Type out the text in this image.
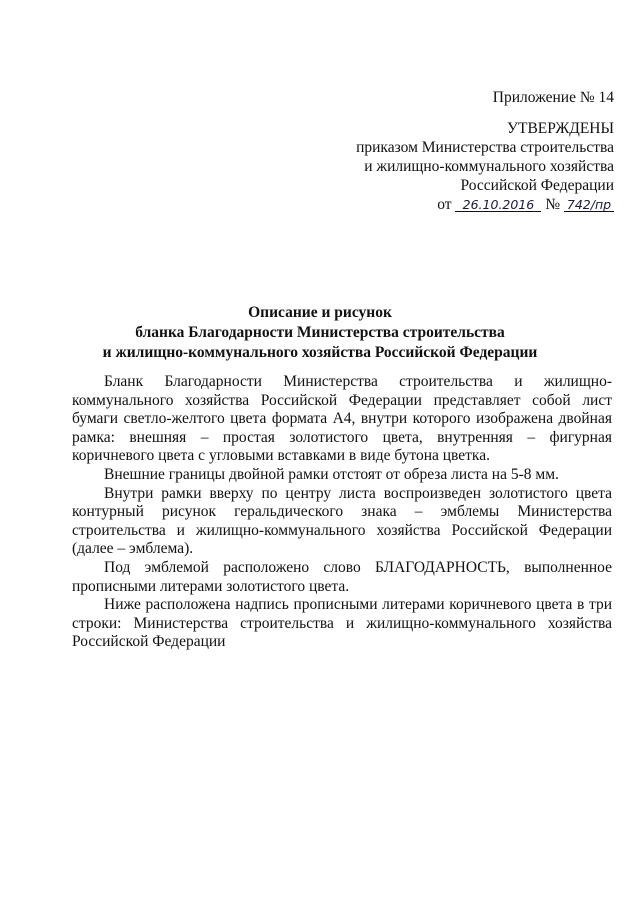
Приложение № 14
УТВЕРЖДЕНЫ
приказом Министерства строительства
и жилищно-коммунального хозяйства
Российской Федерации
от 26.10.2016 № 742/пр
Описание и рисунок
бланка Благодарности Министерства строительства
и жилищно-коммунального хозяйства Российской Федерации

Бланк Благодарности Министерства строительства и жилищно-коммунального хозяйства Российской Федерации представляет собой лист бумаги светло-желтого цвета формата А4, внутри которого изображена двойная рамка: внешняя – простая золотистого цвета, внутренняя – фигурная коричневого цвета с угловыми вставками в виде бутона цветка.

Внешние границы двойной рамки отстоят от обреза листа на 5-8 мм.

Внутри рамки вверху по центру листа воспроизведен золотистого цвета контурный рисунок геральдического знака – эмблемы Министерства строительства и жилищно-коммунального хозяйства Российской Федерации (далее – эмблема).

Под эмблемой расположено слово БЛАГОДАРНОСТЬ, выполненное прописными литерами золотистого цвета.

Ниже расположена надпись прописными литерами коричневого цвета в три строки: Министерства строительства и жилищно-коммунального хозяйства Российской Федерации
